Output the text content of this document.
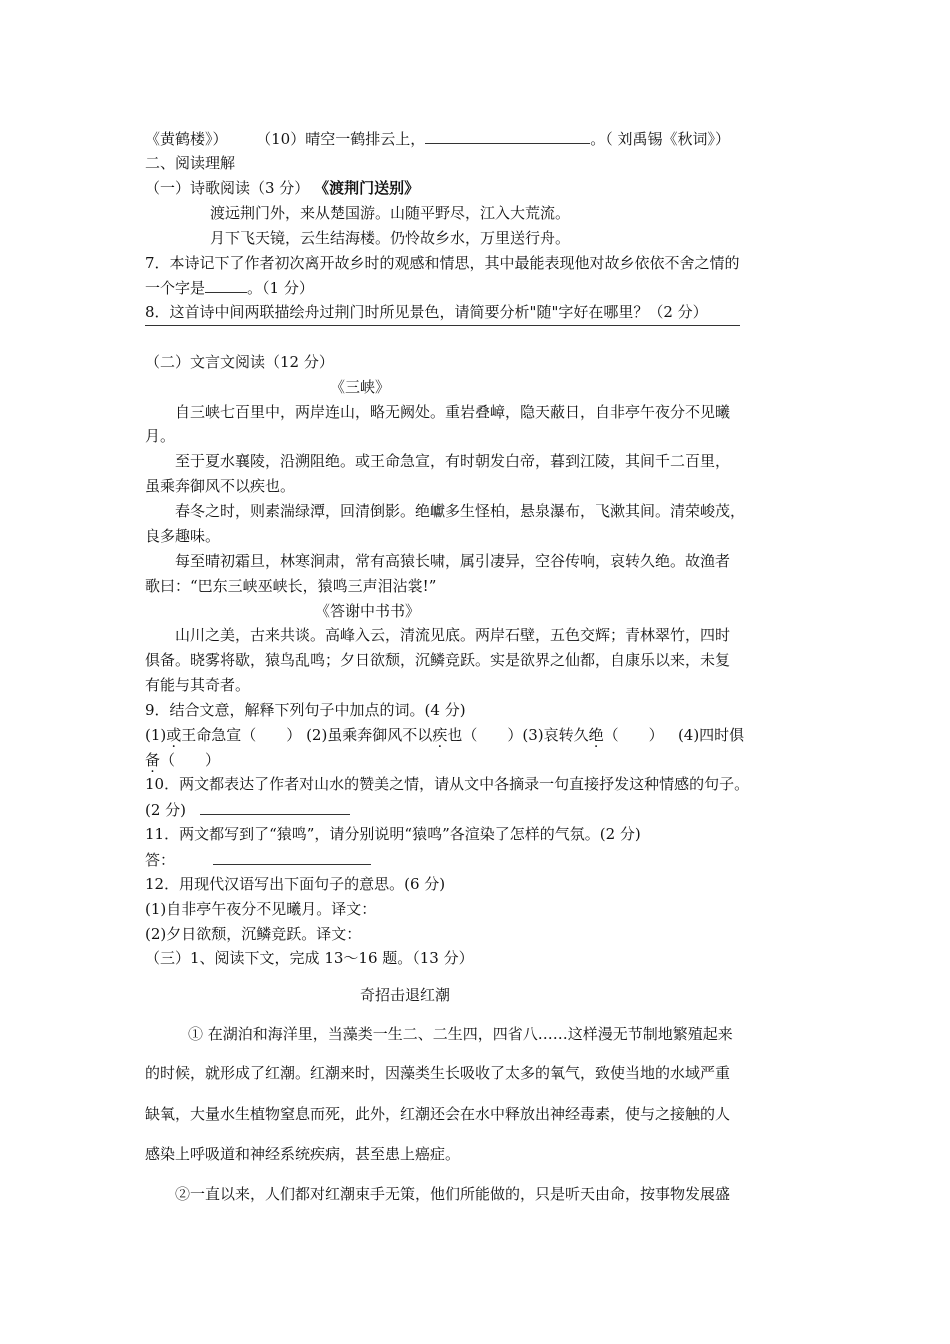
《黄鹤楼》） （10）晴空一鹤排云上，	。（ 刘禹锡《秋词》）
二、阅读理解
（一）诗歌阅读（3 分） 《渡荆门送别》
渡远荆门外，来从楚国游。山随平野尽，江入大荒流。
月下飞天镜，云生结海楼。仍怜故乡水，万里送行舟。
7．本诗记下了作者初次离开故乡时的观感和情思，其中最能表现他对故乡依依不舍之情的
一个字是	。（1 分）
8．这首诗中间两联描绘舟过荆门时所见景色，请简要分析"随"字好在哪里？（2 分）
（二）文言文阅读（12 分）
《三峡》
自三峡七百里中，两岸连山，略无阙处。重岩叠嶂，隐天蔽日，自非亭午夜分不见曦
月。
至于夏水襄陵，沿溯阻绝。或王命急宣，有时朝发白帝，暮到江陵，其间千二百里，
虽乘奔御风不以疾也。
春冬之时，则素湍绿潭，回清倒影。绝巘多生怪柏，悬泉瀑布，飞漱其间。清荣峻茂，
良多趣味。
每至晴初霜旦，林寒涧肃，常有高猿长啸，属引凄异，空谷传响，哀转久绝。故渔者
歌曰：“巴东三峡巫峡长，猿鸣三声泪沾裳!”
《答谢中书书》
山川之美，古来共谈。高峰入云，清流见底。两岸石壁，五色交辉；青林翠竹，四时
俱备。晓雾将歇，猿鸟乱鸣；夕日欲颓，沉鳞竞跃。实是欲界之仙都，自康乐以来，未复
有能与其奇者。
9．结合文意，解释下列句子中加点的词。(4 分)
(1)或王命急宣（　　） (2)虽乘奔御风不以疾也（　　）(3)哀转久绝（　　） (4)四时俱
备（　　）
10．两文都表达了作者对山水的赞美之情，请从文中各摘录一句直接抒发这种情感的句子。
(2 分)
11．两文都写到了“猿鸣”，请分别说明“猿鸣”各渲染了怎样的气氛。(2 分)
答：
12．用现代汉语写出下面句子的意思。(6 分)
(1)自非亭午夜分不见曦月。译文：
(2)夕日欲颓，沉鳞竞跃。译文：
（三）1、阅读下文，完成 13～16 题。（13 分）
奇招击退红潮
① 在湖泊和海洋里，当藻类一生二、二生四，四省八……这样漫无节制地繁殖起来
的时候，就形成了红潮。红潮来时，因藻类生长吸收了太多的氧气，致使当地的水域严重
缺氧，大量水生植物窒息而死，此外，红潮还会在水中释放出神经毒素，使与之接触的人
感染上呼吸道和神经系统疾病，甚至患上癌症。
②一直以来，人们都对红潮束手无策，他们所能做的，只是听天由命，按事物发展盛
